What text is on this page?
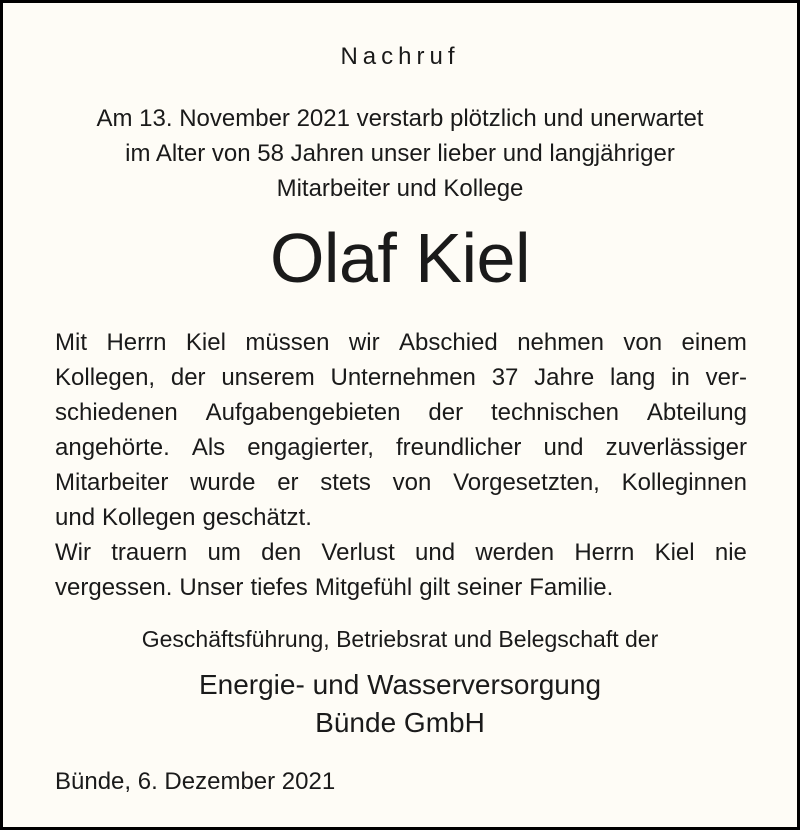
Nachruf
Am 13. November 2021 verstarb plötzlich und unerwartet
im Alter von 58 Jahren unser lieber und langjähriger
Mitarbeiter und Kollege
Olaf Kiel
Mit Herrn Kiel müssen wir Abschied nehmen von einem
Kollegen, der unserem Unternehmen 37 Jahre lang in ver-
schiedenen Aufgabengebieten der technischen Abteilung
angehörte. Als engagierter, freundlicher und zuverlässiger
Mitarbeiter wurde er stets von Vorgesetzten, Kolleginnen
und Kollegen geschätzt.
Wir trauern um den Verlust und werden Herrn Kiel nie
vergessen. Unser tiefes Mitgefühl gilt seiner Familie.
Geschäftsführung, Betriebsrat und Belegschaft der
Energie- und Wasserversorgung
Bünde GmbH
Bünde, 6. Dezember 2021
